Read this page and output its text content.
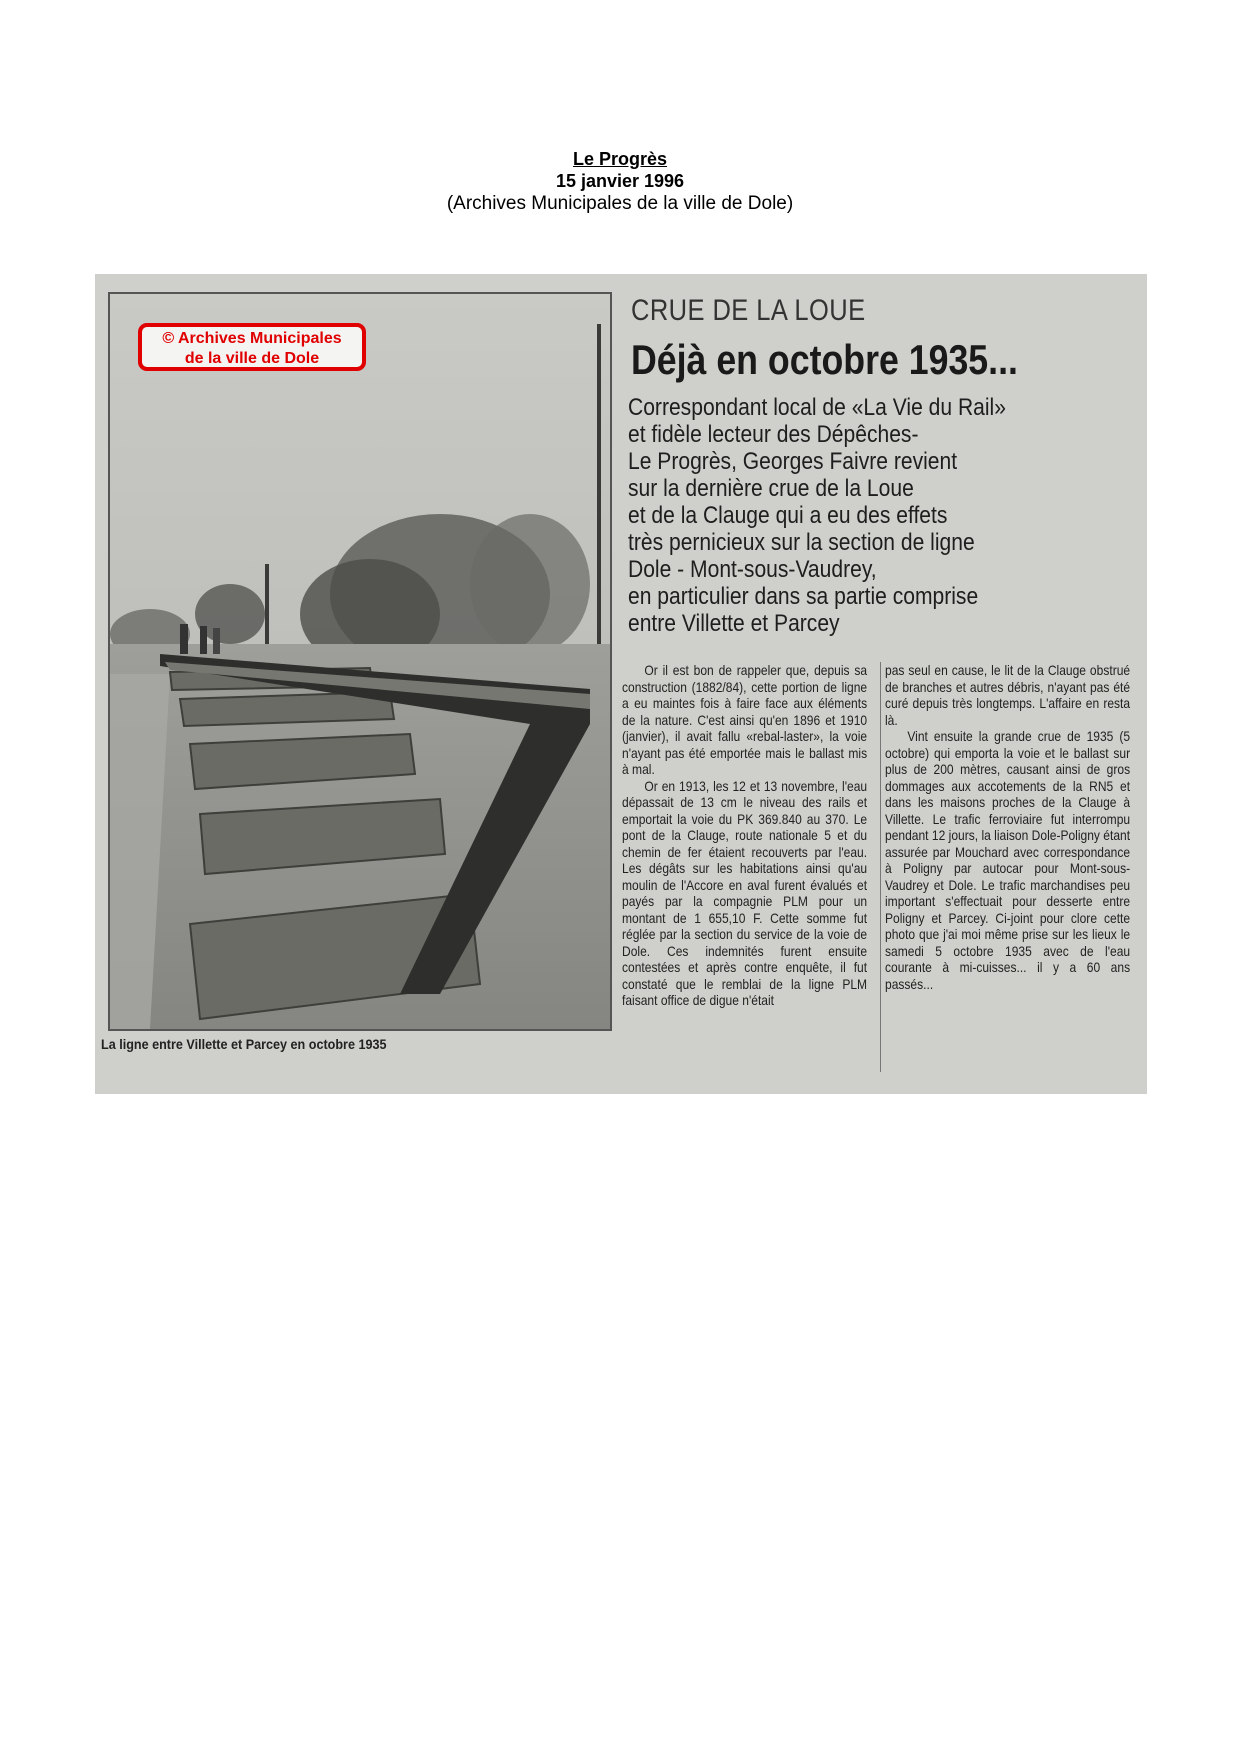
Le Progrès
15 janvier 1996
(Archives Municipales de la ville de Dole)
© Archives Municipales
de la ville de Dole
La ligne entre Villette et Parcey en octobre 1935
CRUE DE LA LOUE
Déjà en octobre 1935...
Correspondant local de «La Vie du Rail»
et fidèle lecteur des Dépêches-
Le Progrès, Georges Faivre revient
sur la dernière crue de la Loue
et de la Clauge qui a eu des effets
très pernicieux sur la section de ligne
Dole - Mont-sous-Vaudrey,
en particulier dans sa partie comprise
entre Villette et Parcey

Or il est bon de rappeler que, depuis sa construction (1882/84), cette portion de ligne a eu maintes fois à faire face aux éléments de la nature. C'est ainsi qu'en 1896 et 1910 (janvier), il avait fallu «rebal-laster», la voie n'ayant pas été emportée mais le ballast mis à mal.

Or en 1913, les 12 et 13 novembre, l'eau dépassait de 13 cm le niveau des rails et emportait la voie du PK 369.840 au 370. Le pont de la Clauge, route nationale 5 et du chemin de fer étaient recouverts par l'eau. Les dégâts sur les habitations ainsi qu'au moulin de l'Accore en aval furent évalués et payés par la compagnie PLM pour un montant de 1 655,10 F. Cette somme fut réglée par la section du service de la voie de Dole. Ces indemnités furent ensuite contestées et après contre enquête, il fut constaté que le remblai de la ligne PLM faisant office de digue n'était

pas seul en cause, le lit de la Clauge obstrué de branches et autres débris, n'ayant pas été curé depuis très longtemps. L'affaire en resta là.

Vint ensuite la grande crue de 1935 (5 octobre) qui emporta la voie et le ballast sur plus de 200 mètres, causant ainsi de gros dommages aux accotements de la RN5 et dans les maisons proches de la Clauge à Villette. Le trafic ferroviaire fut interrompu pendant 12 jours, la liaison Dole-Poligny étant assurée par Mouchard avec correspondance à Poligny par autocar pour Mont-sous-Vaudrey et Dole. Le trafic marchandises peu important s'effectuait pour desserte entre Poligny et Parcey. Ci-joint pour clore cette photo que j'ai moi même prise sur les lieux le samedi 5 octobre 1935 avec de l'eau courante à mi-cuisses... il y a 60 ans passés...
